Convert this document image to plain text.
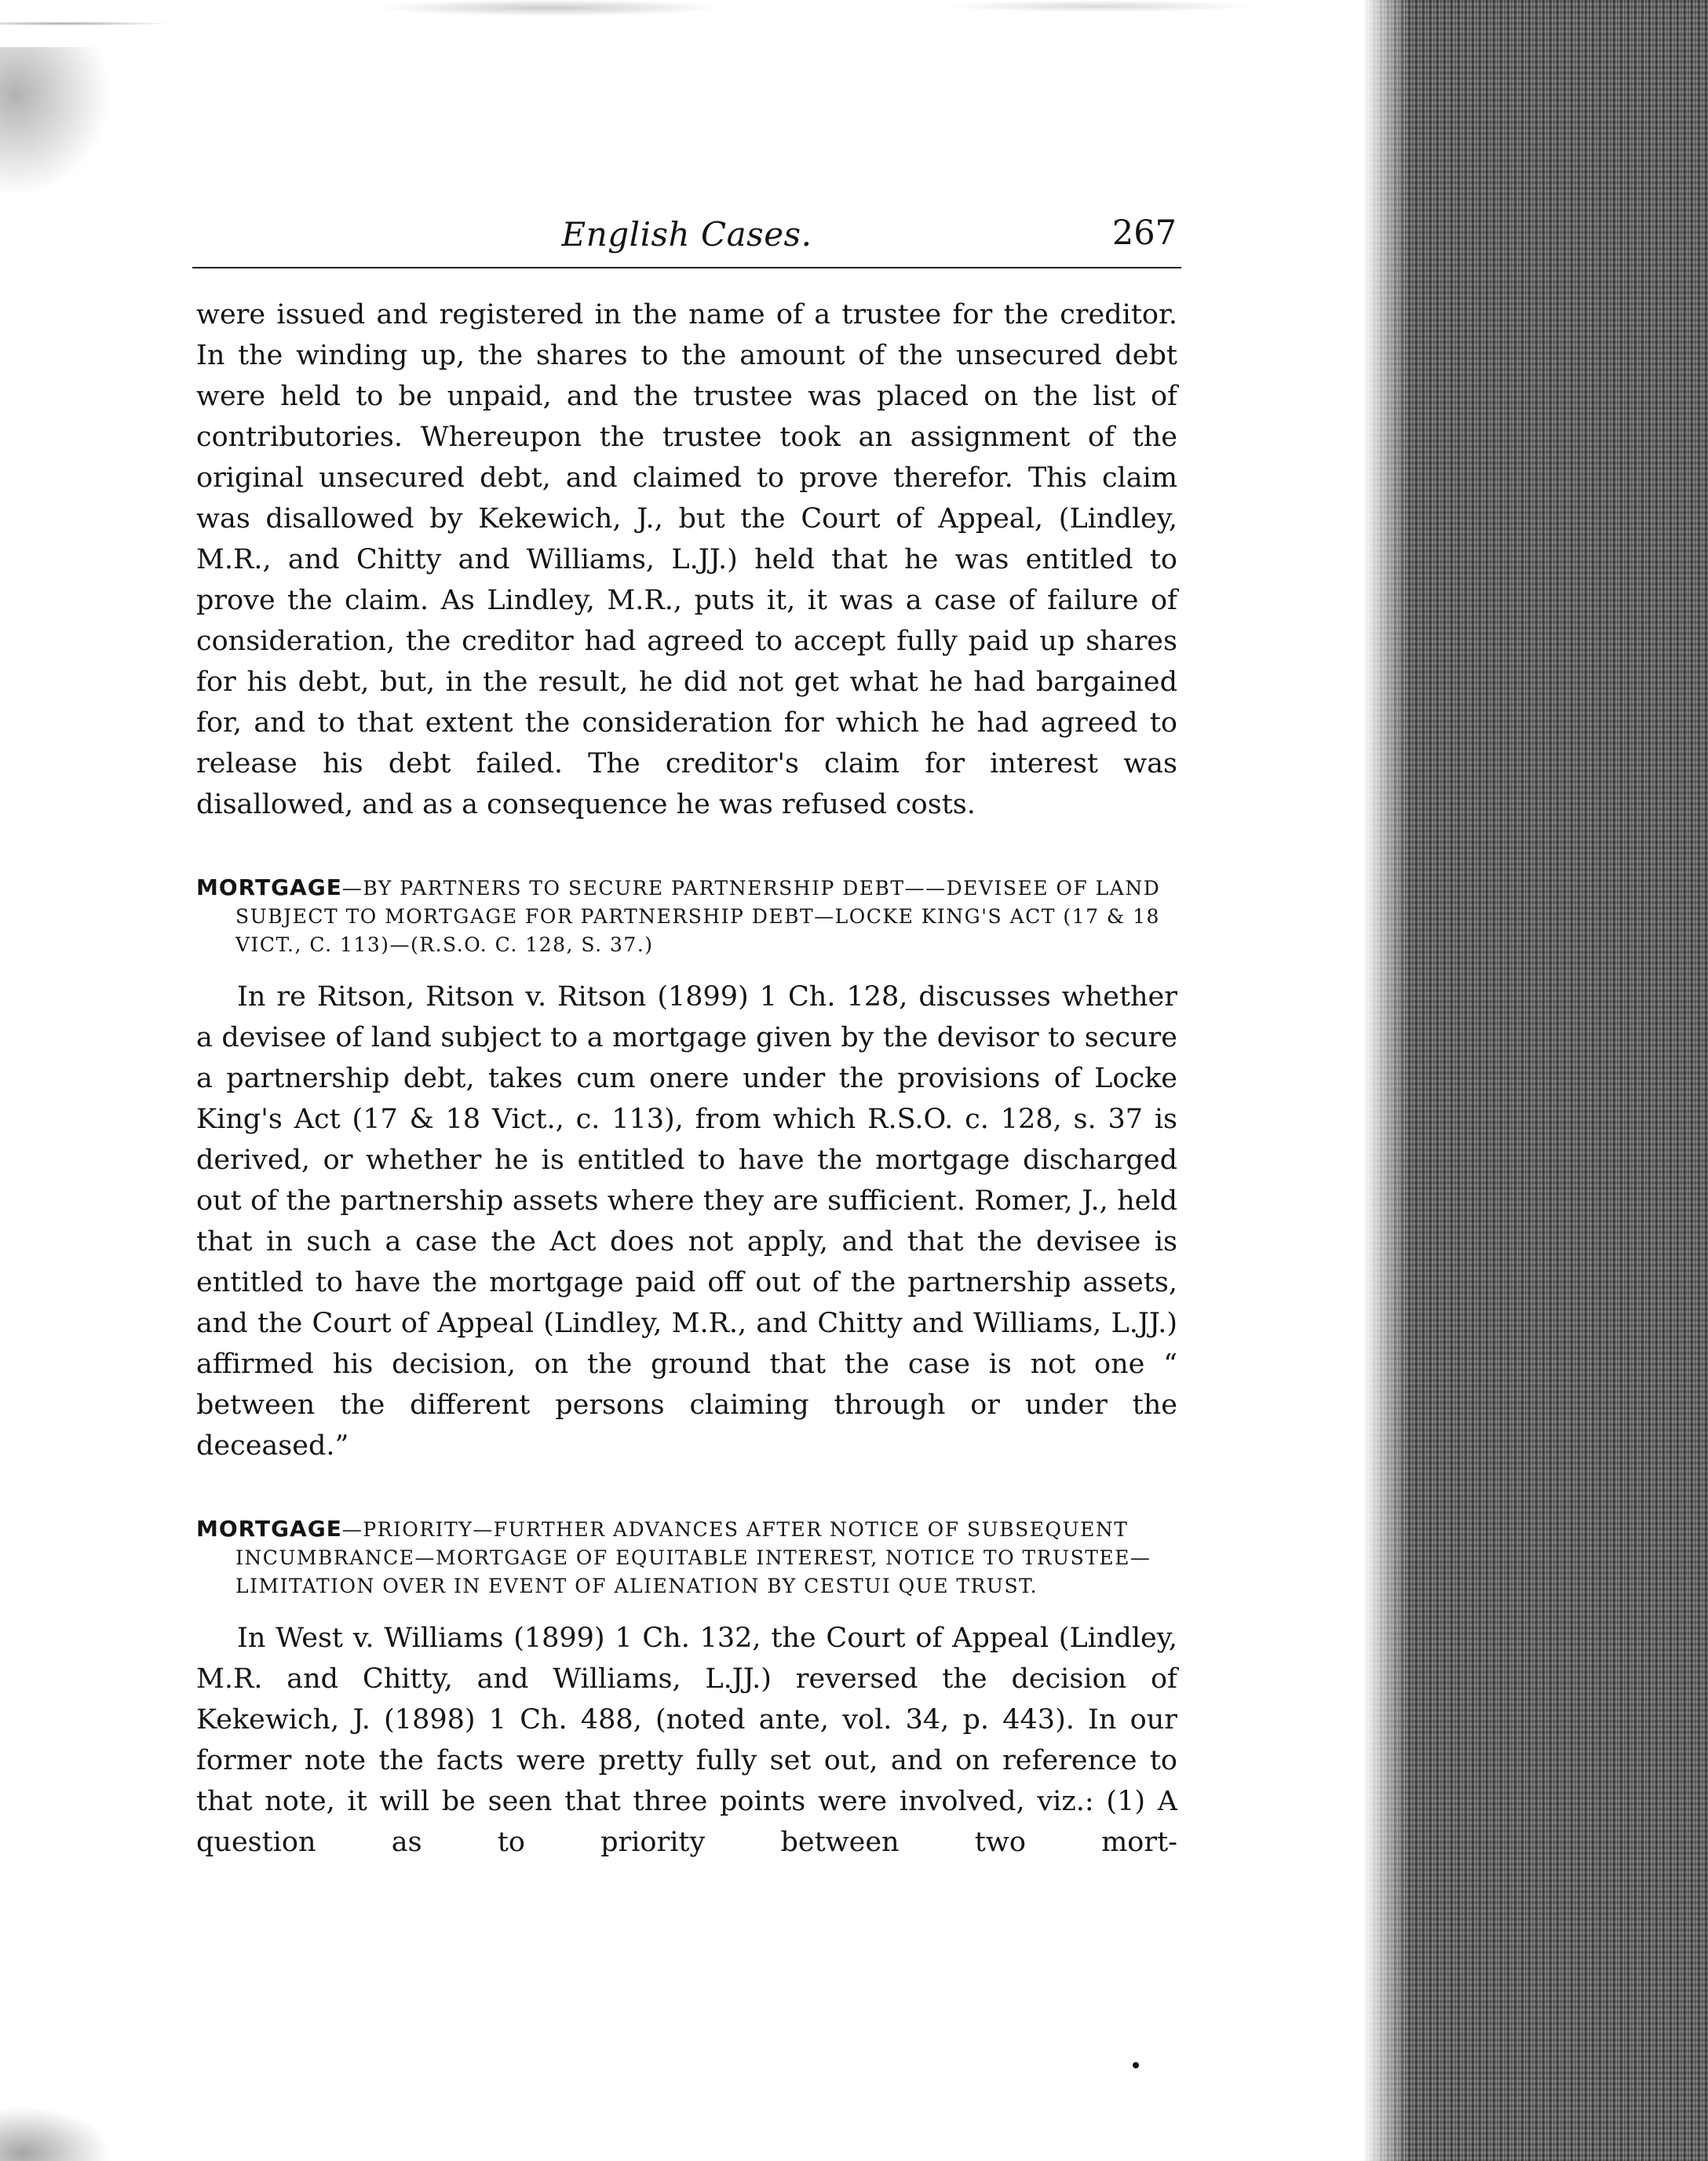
English Cases.	267

were issued and registered in the name of a trustee for the creditor. In the winding up, the shares to the amount of the unsecured debt were held to be unpaid, and the trustee was placed on the list of contributories. Whereupon the trustee took an assignment of the original unsecured debt, and claimed to prove therefor. This claim was disallowed by Kekewich, J., but the Court of Appeal, (Lindley, M.R., and Chitty and Williams, L.JJ.) held that he was entitled to prove the claim. As Lindley, M.R., puts it, it was a case of failure of consideration, the creditor had agreed to accept fully paid up shares for his debt, but, in the result, he did not get what he had bargained for, and to that extent the consideration for which he had agreed to release his debt failed. The creditor's claim for interest was disallowed, and as a consequence he was refused costs.

MORTGAGE—BY PARTNERS TO SECURE PARTNERSHIP DEBT——DEVISEE OF LAND SUBJECT TO MORTGAGE FOR PARTNERSHIP DEBT—LOCKE KING'S ACT (17 & 18 VICT., C. 113)—(R.S.O. C. 128, S. 37.)

In re Ritson, Ritson v. Ritson (1899) 1 Ch. 128, discusses whether a devisee of land subject to a mortgage given by the devisor to secure a partnership debt, takes cum onere under the provisions of Locke King's Act (17 & 18 Vict., c. 113), from which R.S.O. c. 128, s. 37 is derived, or whether he is entitled to have the mortgage discharged out of the partnership assets where they are sufficient. Romer, J., held that in such a case the Act does not apply, and that the devisee is entitled to have the mortgage paid off out of the partnership assets, and the Court of Appeal (Lindley, M.R., and Chitty and Williams, L.JJ.) affirmed his decision, on the ground that the case is not one “ between the different persons claiming through or under the deceased.”

MORTGAGE—PRIORITY—FURTHER ADVANCES AFTER NOTICE OF SUBSEQUENT INCUMBRANCE—MORTGAGE OF EQUITABLE INTEREST, NOTICE TO TRUSTEE—LIMITATION OVER IN EVENT OF ALIENATION BY CESTUI QUE TRUST.

In West v. Williams (1899) 1 Ch. 132, the Court of Appeal (Lindley, M.R. and Chitty, and Williams, L.JJ.) reversed the decision of Kekewich, J. (1898) 1 Ch. 488, (noted ante, vol. 34, p. 443). In our former note the facts were pretty fully set out, and on reference to that note, it will be seen that three points were involved, viz.: (1) A question as to priority between two mort-
